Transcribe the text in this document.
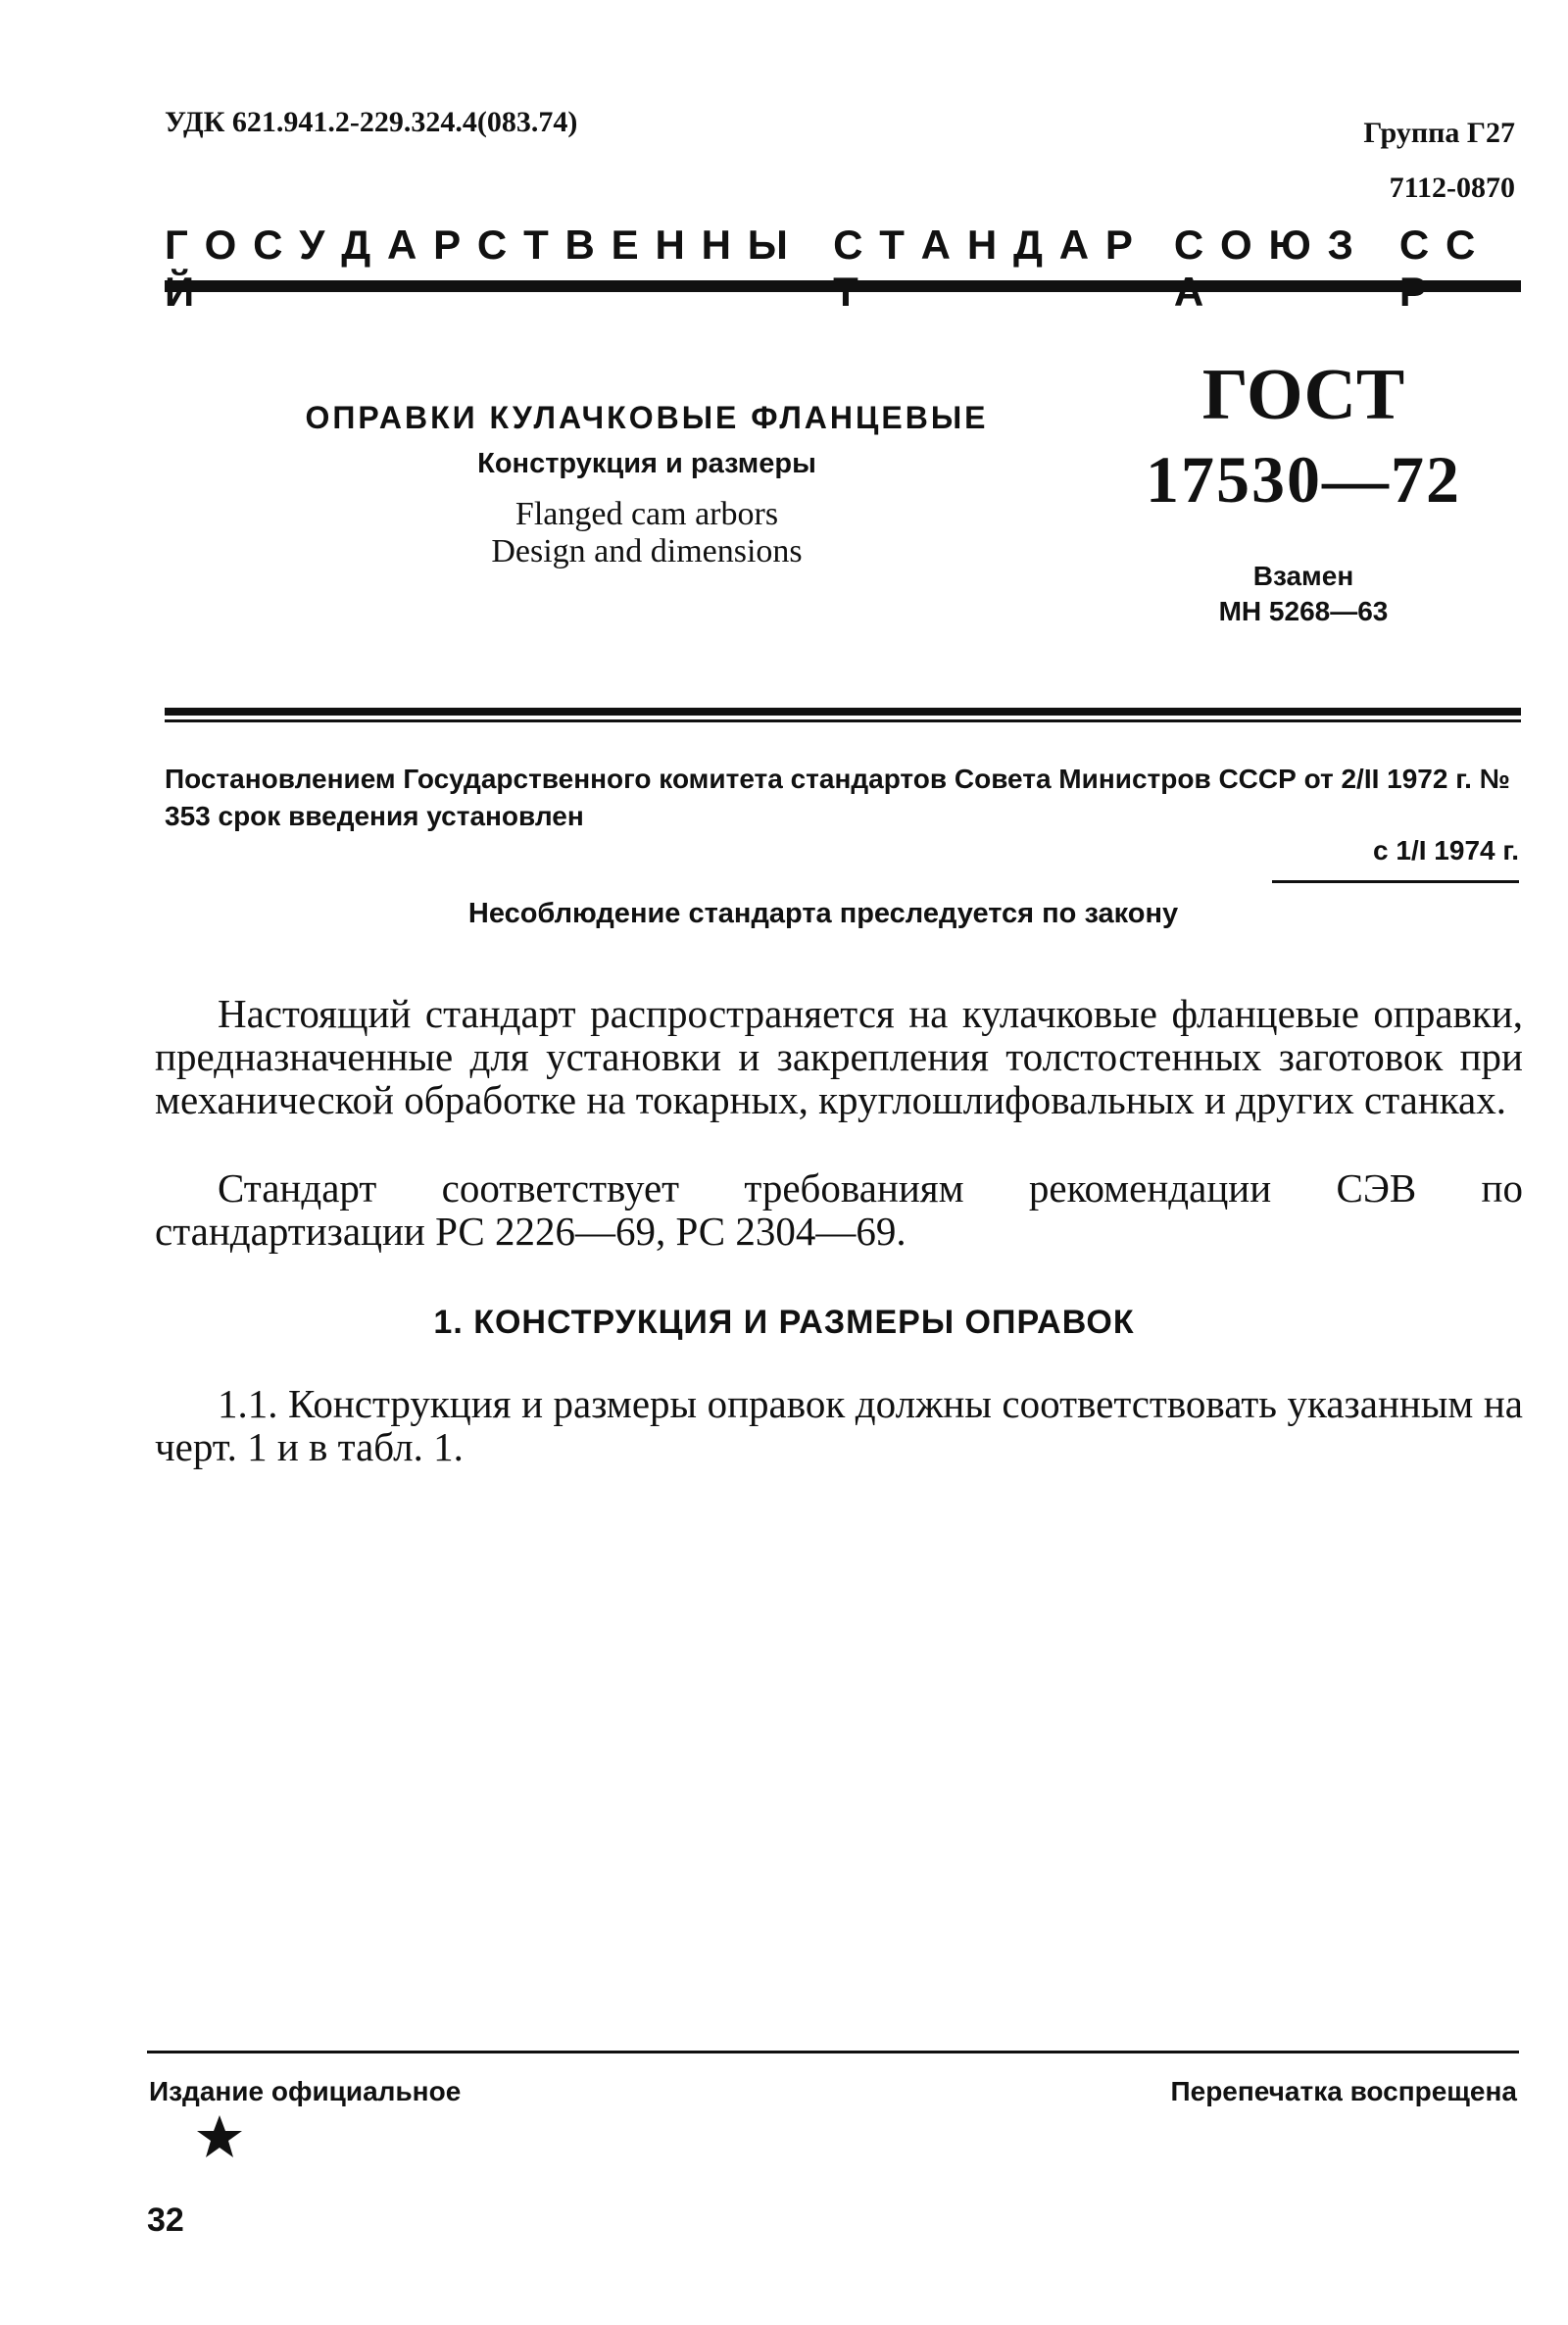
УДК 621.941.2-229.324.4(083.74)	Группа Г27
7112-0870
Г  О  С  У  Д  А  Р  С  Т  В  Е  Н  Н  Ы  	С  Т  А  Н  Д  А  Р  	С  О  Ю  З  	С  С  
ОПРАВКИ КУЛАЧКОВЫЕ ФЛАНЦЕВЫЕ
Конструкция и размеры
Flanged cam arbors
Design and dimensions
ГОСТ
17530—72
Взамен
МН 5268—63
Постановлением Государственного комитета стандартов Совета Министров СССР от 2/II 1972 г. № 353 срок введения установлен
с 1/I 1974 г.
Несоблюдение стандарта преследуется по закону

Настоящий стандарт распространяется на кулачковые фланцевые оправки, предназначенные для установки и закрепления толстостенных заготовок при механической обработке на токарных, круглошлифовальных и других станках.

Стандарт соответствует требованиям рекомендации СЭВ по стандартизации РС 2226—69, РС 2304—69.

1. КОНСТРУКЦИЯ И РАЗМЕРЫ ОПРАВОК

1.1. Конструкция и размеры оправок должны соответствовать указанным на черт. 1 и в табл. 1.

Издание официальное	Перепечатка воспрещена
32
